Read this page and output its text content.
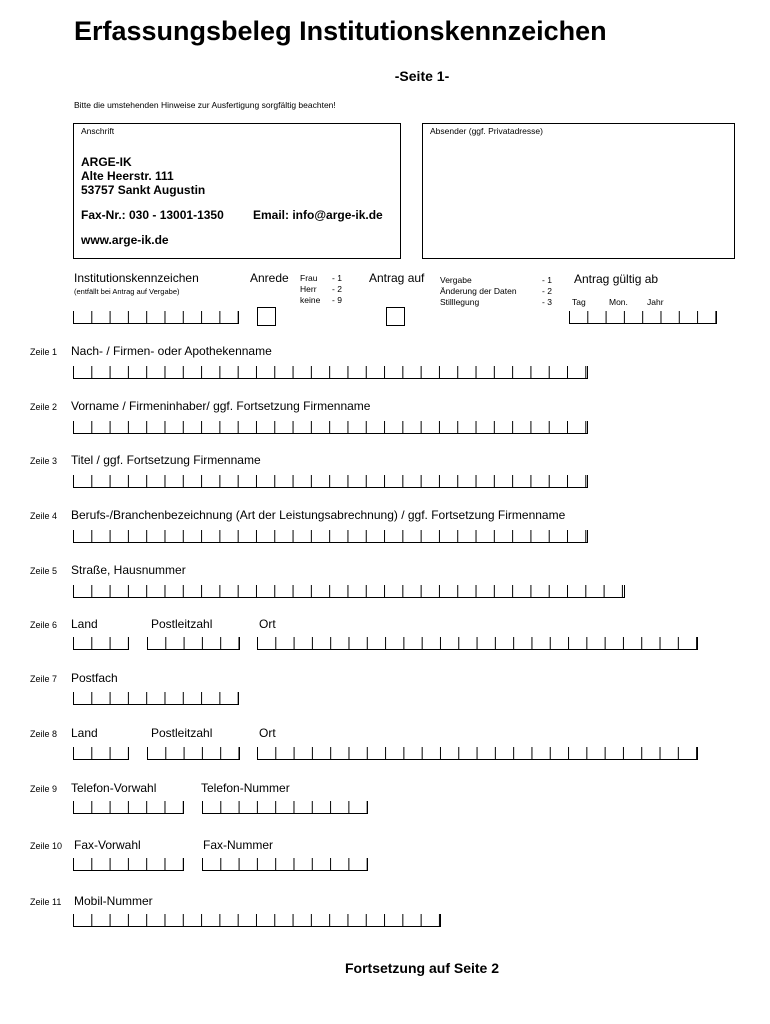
Erfassungsbeleg Institutionskennzeichen
-Seite 1-
Bitte die umstehenden Hinweise zur Ausfertigung sorgfältig beachten!
Anschrift
ARGE-IK
Alte Heerstr. 111
53757 Sankt Augustin
Fax-Nr.: 030 - 13001-1350 Email: info@arge-ik.de
www.arge-ik.de
Absender (ggf. Privatadresse)
Institutionskennzeichen
(entfällt bei Antrag auf Vergabe)
Anrede Frau - 1
Herr - 2
keine - 9
Antrag auf Vergabe	- 1
Änderung der Daten	- 2
Stilllegung	- 3
Antrag gültig ab
Tag	Mon. Jahr
Zeile 1 Nach- / Firmen- oder Apothekenname
Zeile 2 Vorname / Firmeninhaber/ ggf. Fortsetzung Firmenname
Zeile 3 Titel / ggf. Fortsetzung Firmenname
Zeile 4 Berufs-/Branchenbezeichnung (Art der Leistungsabrechnung) / ggf. Fortsetzung Firmenname
Zeile 5 Straße, Hausnummer
Zeile 6 Land	Postleitzahl	Ort
Zeile 7 Postfach
Zeile 8 Land	Postleitzahl	Ort
Zeile 9 Telefon-Vorwahl	Telefon-Nummer
Zeile 10 Fax-Vorwahl	Fax-Nummer
Zeile 11 Mobil-Nummer
Fortsetzung auf Seite 2
